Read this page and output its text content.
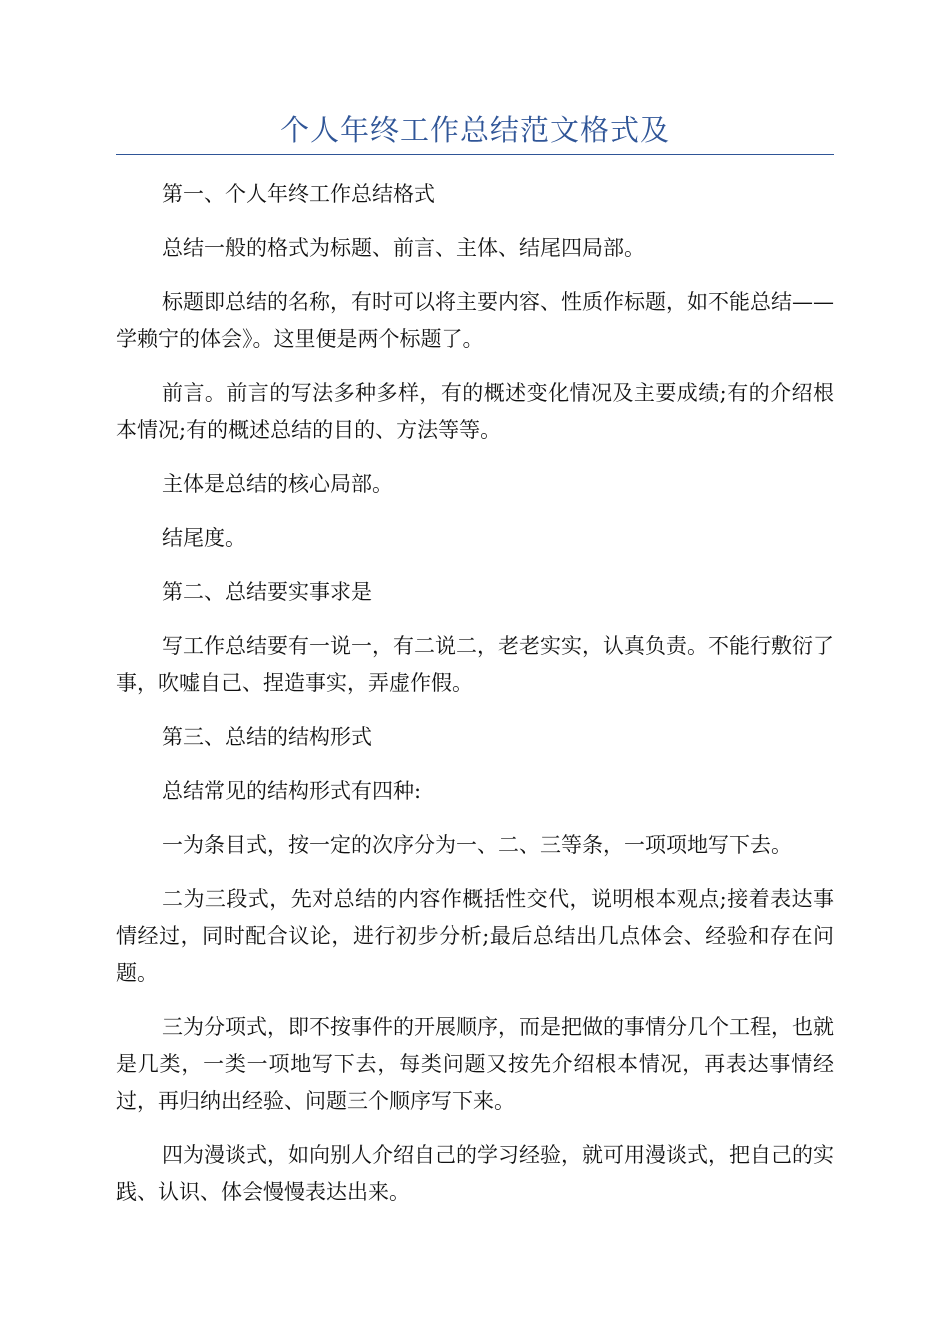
个人年终工作总结范文格式及

第一、个人年终工作总结格式

总结一般的格式为标题、前言、主体、结尾四局部。

标题即总结的名称，有时可以将主要内容、性质作标题，如不能总结——学赖宁的体会》。这里便是两个标题了。

前言。前言的写法多种多样，有的概述变化情况及主要成绩;有的介绍根本情况;有的概述总结的目的、方法等等。

主体是总结的核心局部。

结尾度。

第二、总结要实事求是

写工作总结要有一说一，有二说二，老老实实，认真负责。不能行敷衍了事，吹嘘自己、捏造事实，弄虚作假。

第三、总结的结构形式

总结常见的结构形式有四种:

一为条目式，按一定的次序分为一、二、三等条，一项项地写下去。

二为三段式，先对总结的内容作概括性交代，说明根本观点;接着表达事情经过，同时配合议论，进行初步分析;最后总结出几点体会、经验和存在问题。

三为分项式，即不按事件的开展顺序，而是把做的事情分几个工程，也就是几类，一类一项地写下去，每类问题又按先介绍根本情况，再表达事情经过，再归纳出经验、问题三个顺序写下来。

四为漫谈式，如向别人介绍自己的学习经验，就可用漫谈式，把自己的实践、认识、体会慢慢表达出来。
